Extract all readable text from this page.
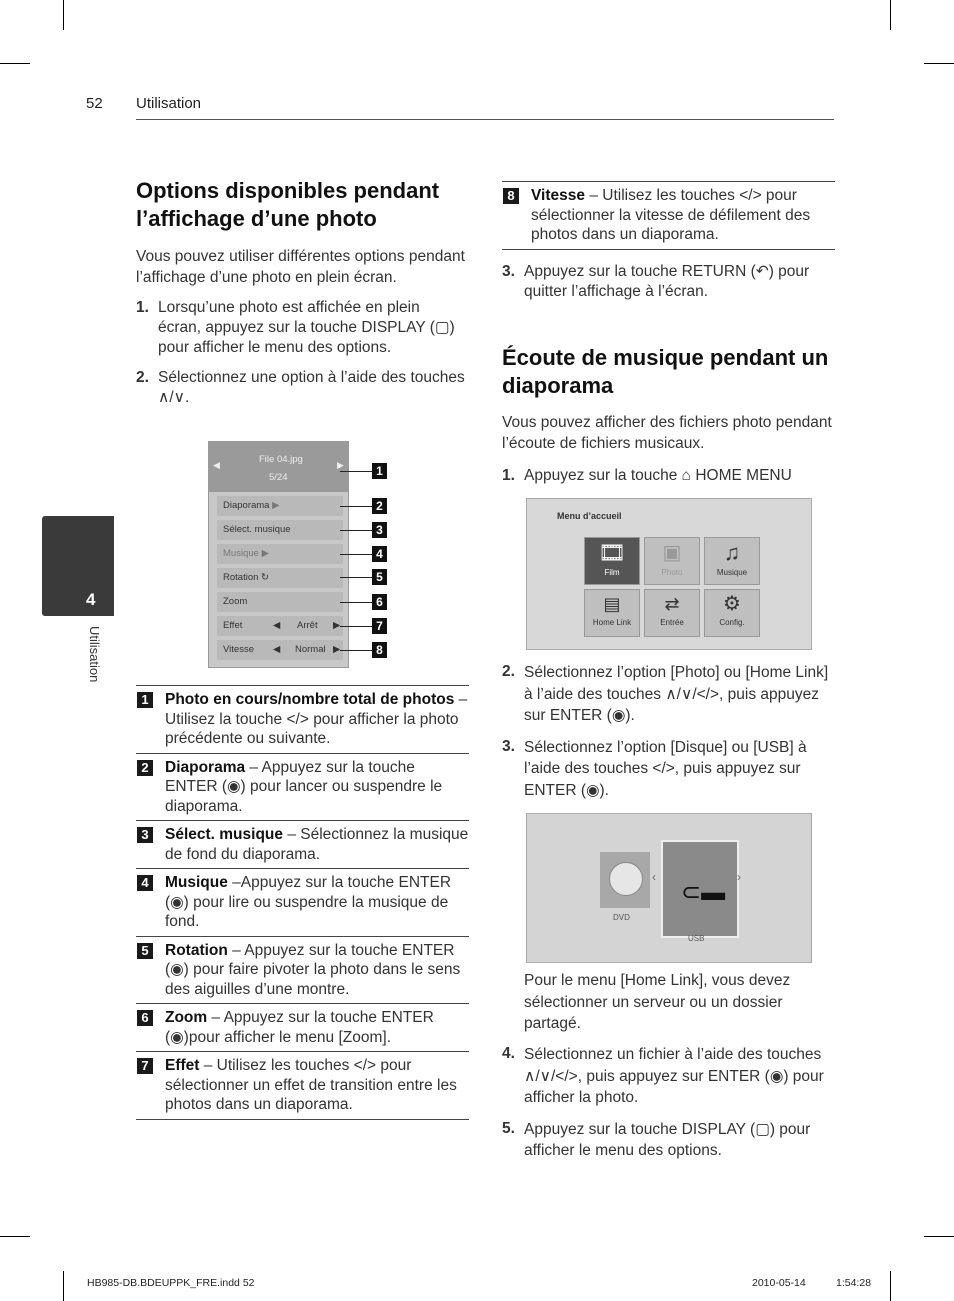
52 Utilisation
4
Utilisation
Options disponibles pendant l’affichage d’une photo
Vous pouvez utiliser différentes options pendant l’affichage d’une photo en plein écran.
1. Lorsqu’une photo est affichée en plein écran, appuyez sur la touche DISPLAY (▢) pour afficher le menu des options.
2. Sélectionnez une option à l’aide des touches ∧/∨.
◀	File 04.jpg
5/24
▶
Diaporama ▶
Sélect. musique
Musique ▶
Rotation ↻
Zoom
Effet	◀ Arrêt ▶
Vitesse ◀ Normal ▶
1
2
3
4
5
6
7
8
1 Photo en cours/nombre total de photos – Utilisez la touche </> pour afficher la photo précédente ou suivante.
2 Diaporama – Appuyez sur la touche ENTER (◉) pour lancer ou suspendre le diaporama.
3 Sélect. musique – Sélectionnez la musique de fond du diaporama.
4 Musique –Appuyez sur la touche ENTER (◉) pour lire ou suspendre la musique de fond.
5 Rotation – Appuyez sur la touche ENTER (◉) pour faire pivoter la photo dans le sens des aiguilles d’une montre.
6 Zoom – Appuyez sur la touche ENTER (◉)pour afficher le menu [Zoom].
7 Effet – Utilisez les touches </> pour sélectionner un effet de transition entre les photos dans un diaporama.
8 Vitesse – Utilisez les touches </> pour sélectionner la vitesse de défilement des photos dans un diaporama.
3. Appuyez sur la touche RETURN (↶) pour quitter l’affichage à l’écran.
Écoute de musique pendant un diaporama
Vous pouvez afficher des fichiers photo pendant l’écoute de fichiers musicaux.
1. Appuyez sur la touche ⌂ HOME MENU
Menu d’accueil
🎞
Film
▣
Photo
♫
Musique
▤
Home Link
⇄
Entrée
⚙
Config.
2. Sélectionnez l’option [Photo] ou [Home Link] à l’aide des touches ∧/∨/</>, puis appuyez sur ENTER (◉).
3. Sélectionnez l’option [Disque] ou [USB] à l’aide des touches </>, puis appuyez sur ENTER (◉).
DVD
‹
⊂▬
USB
›
Pour le menu [Home Link], vous devez sélectionner un serveur ou un dossier partagé.
4. Sélectionnez un fichier à l’aide des touches ∧/∨/</>, puis appuyez sur ENTER (◉) pour afficher la photo.
5. Appuyez sur la touche DISPLAY (▢) pour afficher le menu des options.
HB985-DB.BDEUPPK_FRE.indd 52	2010-05-14	1:54:28
